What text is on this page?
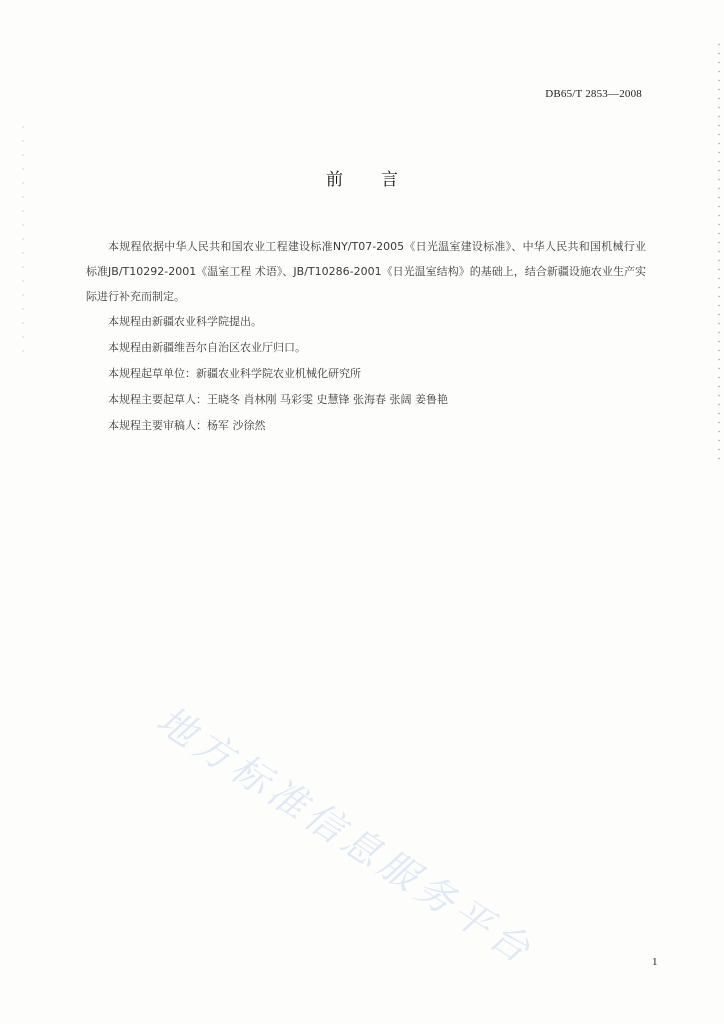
DB65/T 2853—2008
前 言

本规程依据中华人民共和国农业工程建设标准NY/T07-2005《日光温室建设标准》、中华人民共和国机械行业标准JB/T10292-2001《温室工程 术语》、JB/T10286-2001《日光温室结构》的基础上，结合新疆设施农业生产实际进行补充而制定。

本规程由新疆农业科学院提出。

本规程由新疆维吾尔自治区农业厅归口。

本规程起草单位：新疆农业科学院农业机械化研究所

本规程主要起草人：王晓冬 肖林刚 马彩雯 史慧锋 张海春 张阔 姜鲁艳

本规程主要审稿人：杨军 沙徐然

地方标准信息服务平台	1
